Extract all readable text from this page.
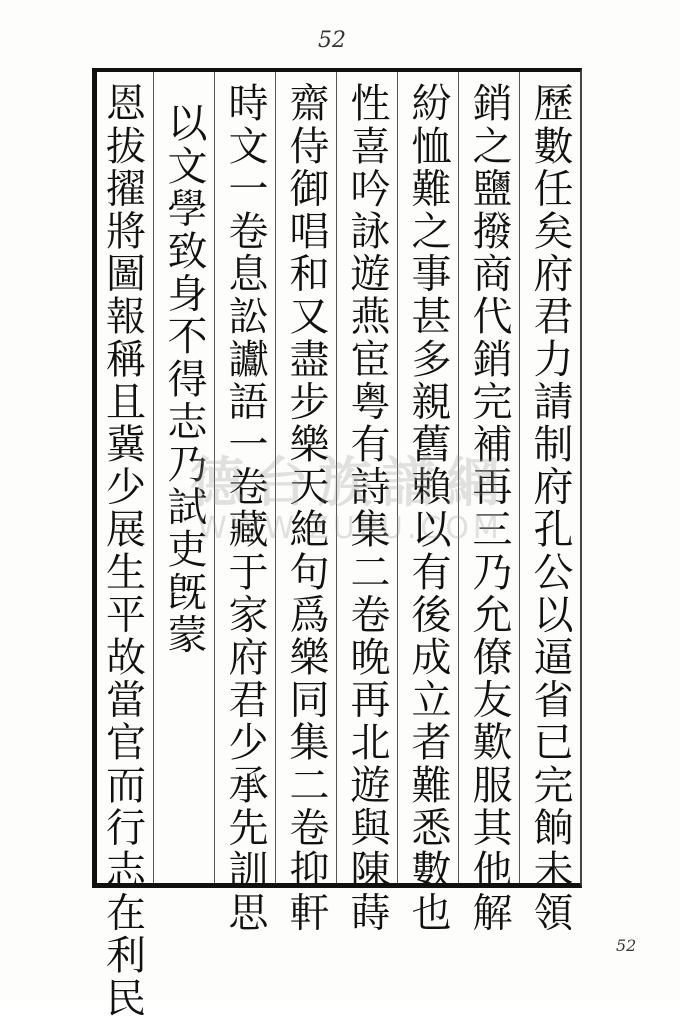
52
歷數任矣府君力請制府孔公以逼省已完餉未領
銷之鹽撥商代銷完補再三乃允僚友歎服其他解
紛恤難之事甚多親舊賴以有後成立者難悉數也
性喜吟詠遊燕宦粤有詩集二卷晚再北遊與陳蒔
齋侍御唱和又盡步樂天絶句爲樂同集二卷抑軒
時文一卷息訟讞語一卷藏于家府君少承先訓思
以文學致身不得志乃試吏旣蒙
恩拔擢將圖報稱且冀少展生平故當官而行志在利民 德台族譜網
WWW.ZUPU.COM
52
